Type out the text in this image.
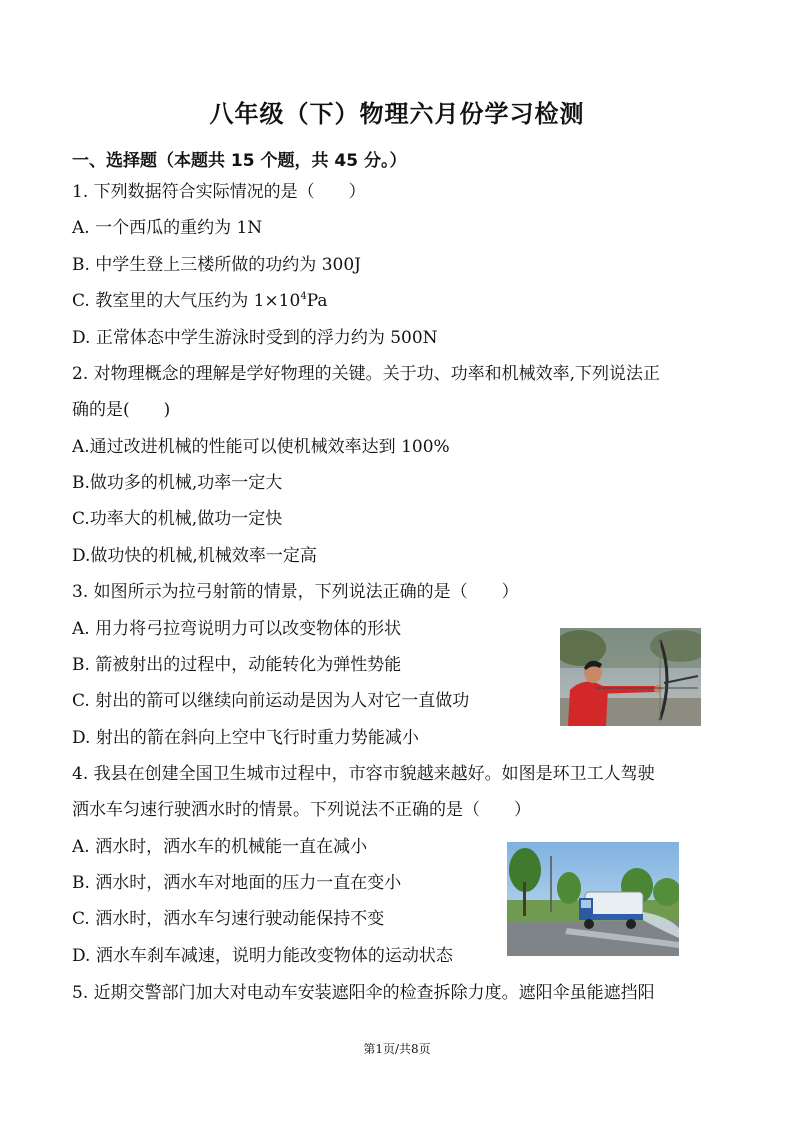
八年级（下）物理六月份学习检测
一、选择题（本题共 15 个题，共 45 分。）
1. 下列数据符合实际情况的是（　　）
A. 一个西瓜的重约为 1N
B. 中学生登上三楼所做的功约为 300J
C. 教室里的大气压约为 $1\times 10^4Pa$
D. 正常体态中学生游泳时受到的浮力约为 500N
2. 对物理概念的理解是学好物理的关键。关于功、功率和机械效率,下列说法正
确的是(　　)
A.通过改进机械的性能可以使机械效率达到 100%
B.做功多的机械,功率一定大
C.功率大的机械,做功一定快
D.做功快的机械,机械效率一定高
3. 如图所示为拉弓射箭的情景，下列说法正确的是（　　）
A. 用力将弓拉弯说明力可以改变物体的形状
B. 箭被射出的过程中，动能转化为弹性势能
C. 射出的箭可以继续向前运动是因为人对它一直做功
D. 射出的箭在斜向上空中飞行时重力势能减小
4. 我县在创建全国卫生城市过程中，市容市貌越来越好。如图是环卫工人驾驶
洒水车匀速行驶洒水时的情景。下列说法不正确的是（　　）
A. 洒水时，洒水车的机械能一直在减小
B. 洒水时，洒水车对地面的压力一直在变小
C. 洒水时，洒水车匀速行驶动能保持不变
D. 洒水车刹车减速，说明力能改变物体的运动状态
5. 近期交警部门加大对电动车安装遮阳伞的检查拆除力度。遮阳伞虽能遮挡阳
第1页/共8页
